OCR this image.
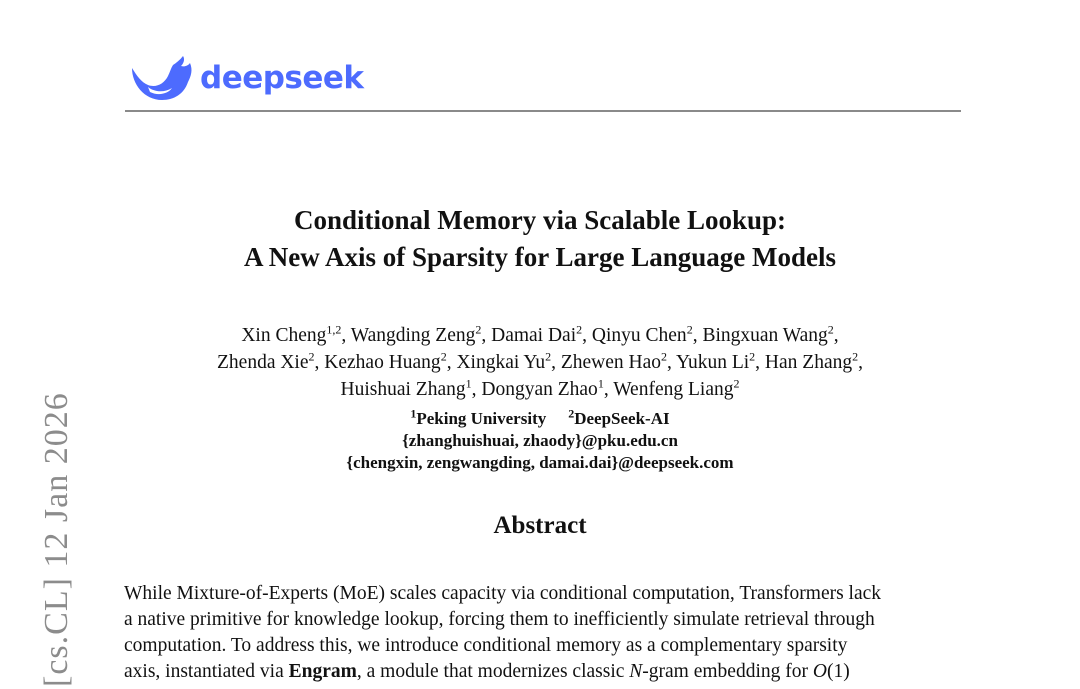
deepseek
Conditional Memory via Scalable Lookup:
A New Axis of Sparsity for Large Language Models
Xin Cheng$^{1,2}$, Wangding Zeng$^2$, Damai Dai$^2$, Qinyu Chen$^2$, Bingxuan Wang$^2$,
Zhenda Xie$^2$, Kezhao Huang$^2$, Xingkai Yu$^2$, Zhewen Hao$^2$, Yukun Li$^2$, Han Zhang$^2$,
Huishuai Zhang$^1$, Dongyan Zhao$^1$, Wenfeng Liang$^2$
$^1$Peking University $^2$DeepSeek-AI
{zhanghuishuai, zhaody}@pku.edu.cn
{chengxin, zengwangding, damai.dai}@deepseek.com
Abstract
While Mixture-of-Experts (MoE) scales capacity via conditional computation, Transformers lack
a native primitive for knowledge lookup, forcing them to inefficiently simulate retrieval through
computation. To address this, we introduce conditional memory as a complementary sparsity
axis, instantiated via Engram, a module that modernizes classic N-gram embedding for O(1)
[cs.CL] 12 Jan 2026
